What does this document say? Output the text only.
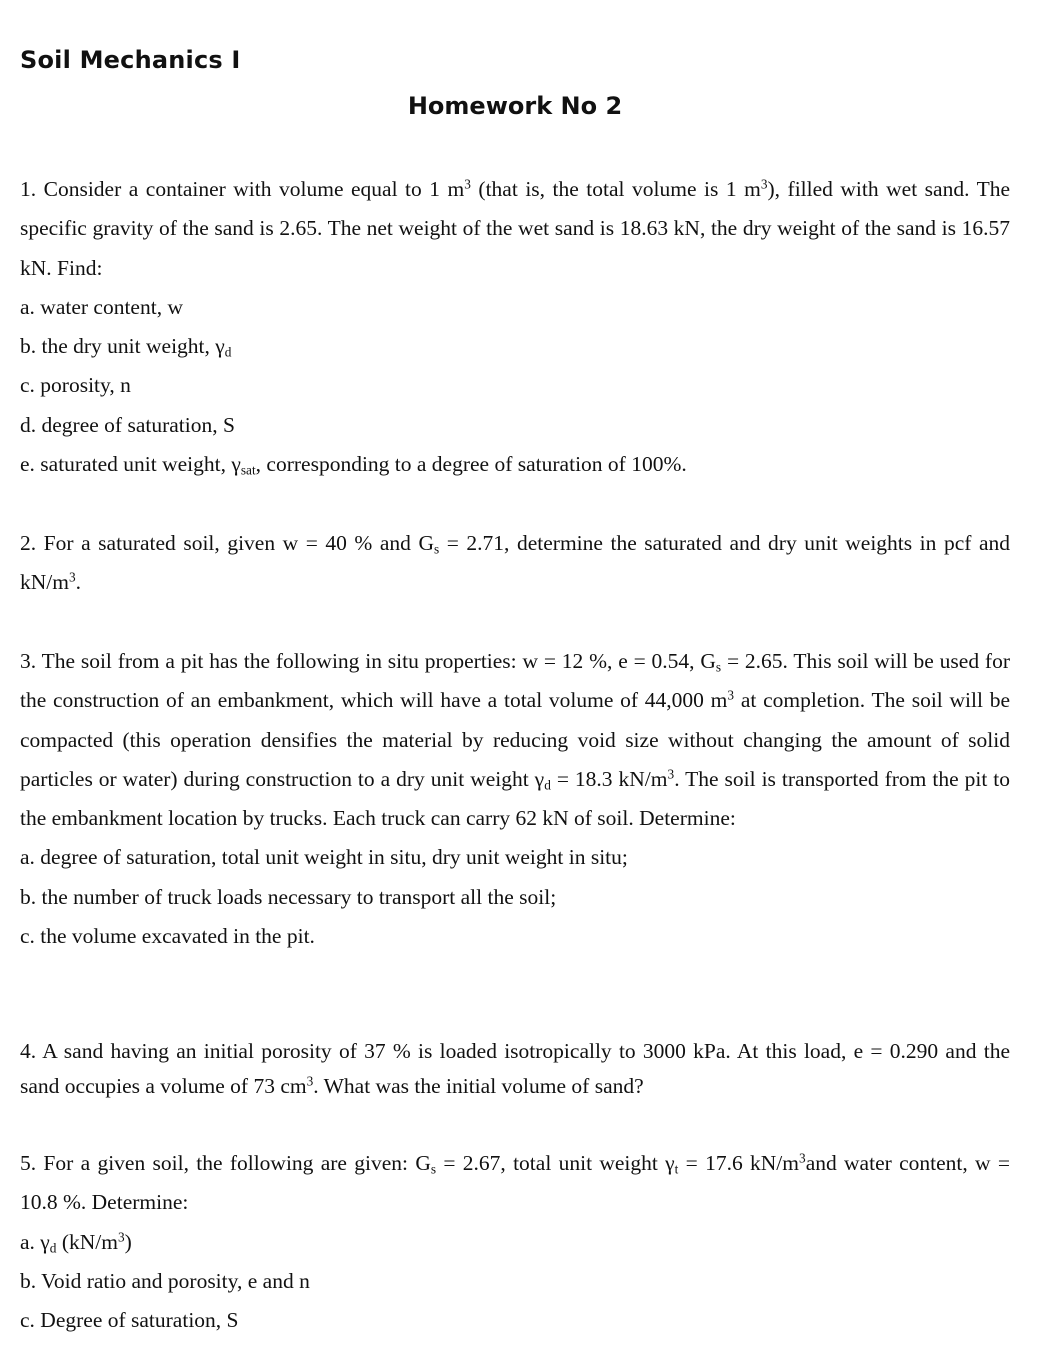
Soil Mechanics I
Homework No 2

1. Consider a container with volume equal to 1 $m^3$ (that is, the total volume is 1 $m^3$), filled with wet sand. The specific gravity of the sand is 2.65. The net weight of the wet sand is 18.63 kN, the dry weight of the sand is 16.57 kN. Find:

a. water content, w
b. the dry unit weight, $\gamma_d$
c. porosity, n
d. degree of saturation, S
e. saturated unit weight, $\gamma_{sat}$, corresponding to a degree of saturation of 100%.

2. For a saturated soil, given w = 40 % and $G_s = 2.71$, determine the saturated and dry unit weights in pcf and $kN/m^3$.

3. The soil from a pit has the following in situ properties: w = 12 %, e = 0.54, $G_s = 2.65$. This soil will be used for the construction of an embankment, which will have a total volume of 44,000 $m^3$ at completion. The soil will be compacted (this operation densifies the material by reducing void size without changing the amount of solid particles or water) during construction to a dry unit weight $\gamma_d = 18.3$ $kN/m^3$. The soil is transported from the pit to the embankment location by trucks. Each truck can carry 62 kN of soil. Determine:

a. degree of saturation, total unit weight in situ, dry unit weight in situ;
b. the number of truck loads necessary to transport all the soil;
c. the volume excavated in the pit.

4. A sand having an initial porosity of 37 % is loaded isotropically to 3000 kPa. At this load, e = 0.290 and the sand occupies a volume of 73 $cm^3$. What was the initial volume of sand?

5. For a given soil, the following are given: $G_s = 2.67$, total unit weight $\gamma_t = 17.6$ $kN/m^3and$ water content, w = 10.8 %. Determine:

a. $\gamma_d$ $(kN/m^3)$
b. Void ratio and porosity, e and n
c. Degree of saturation, S
